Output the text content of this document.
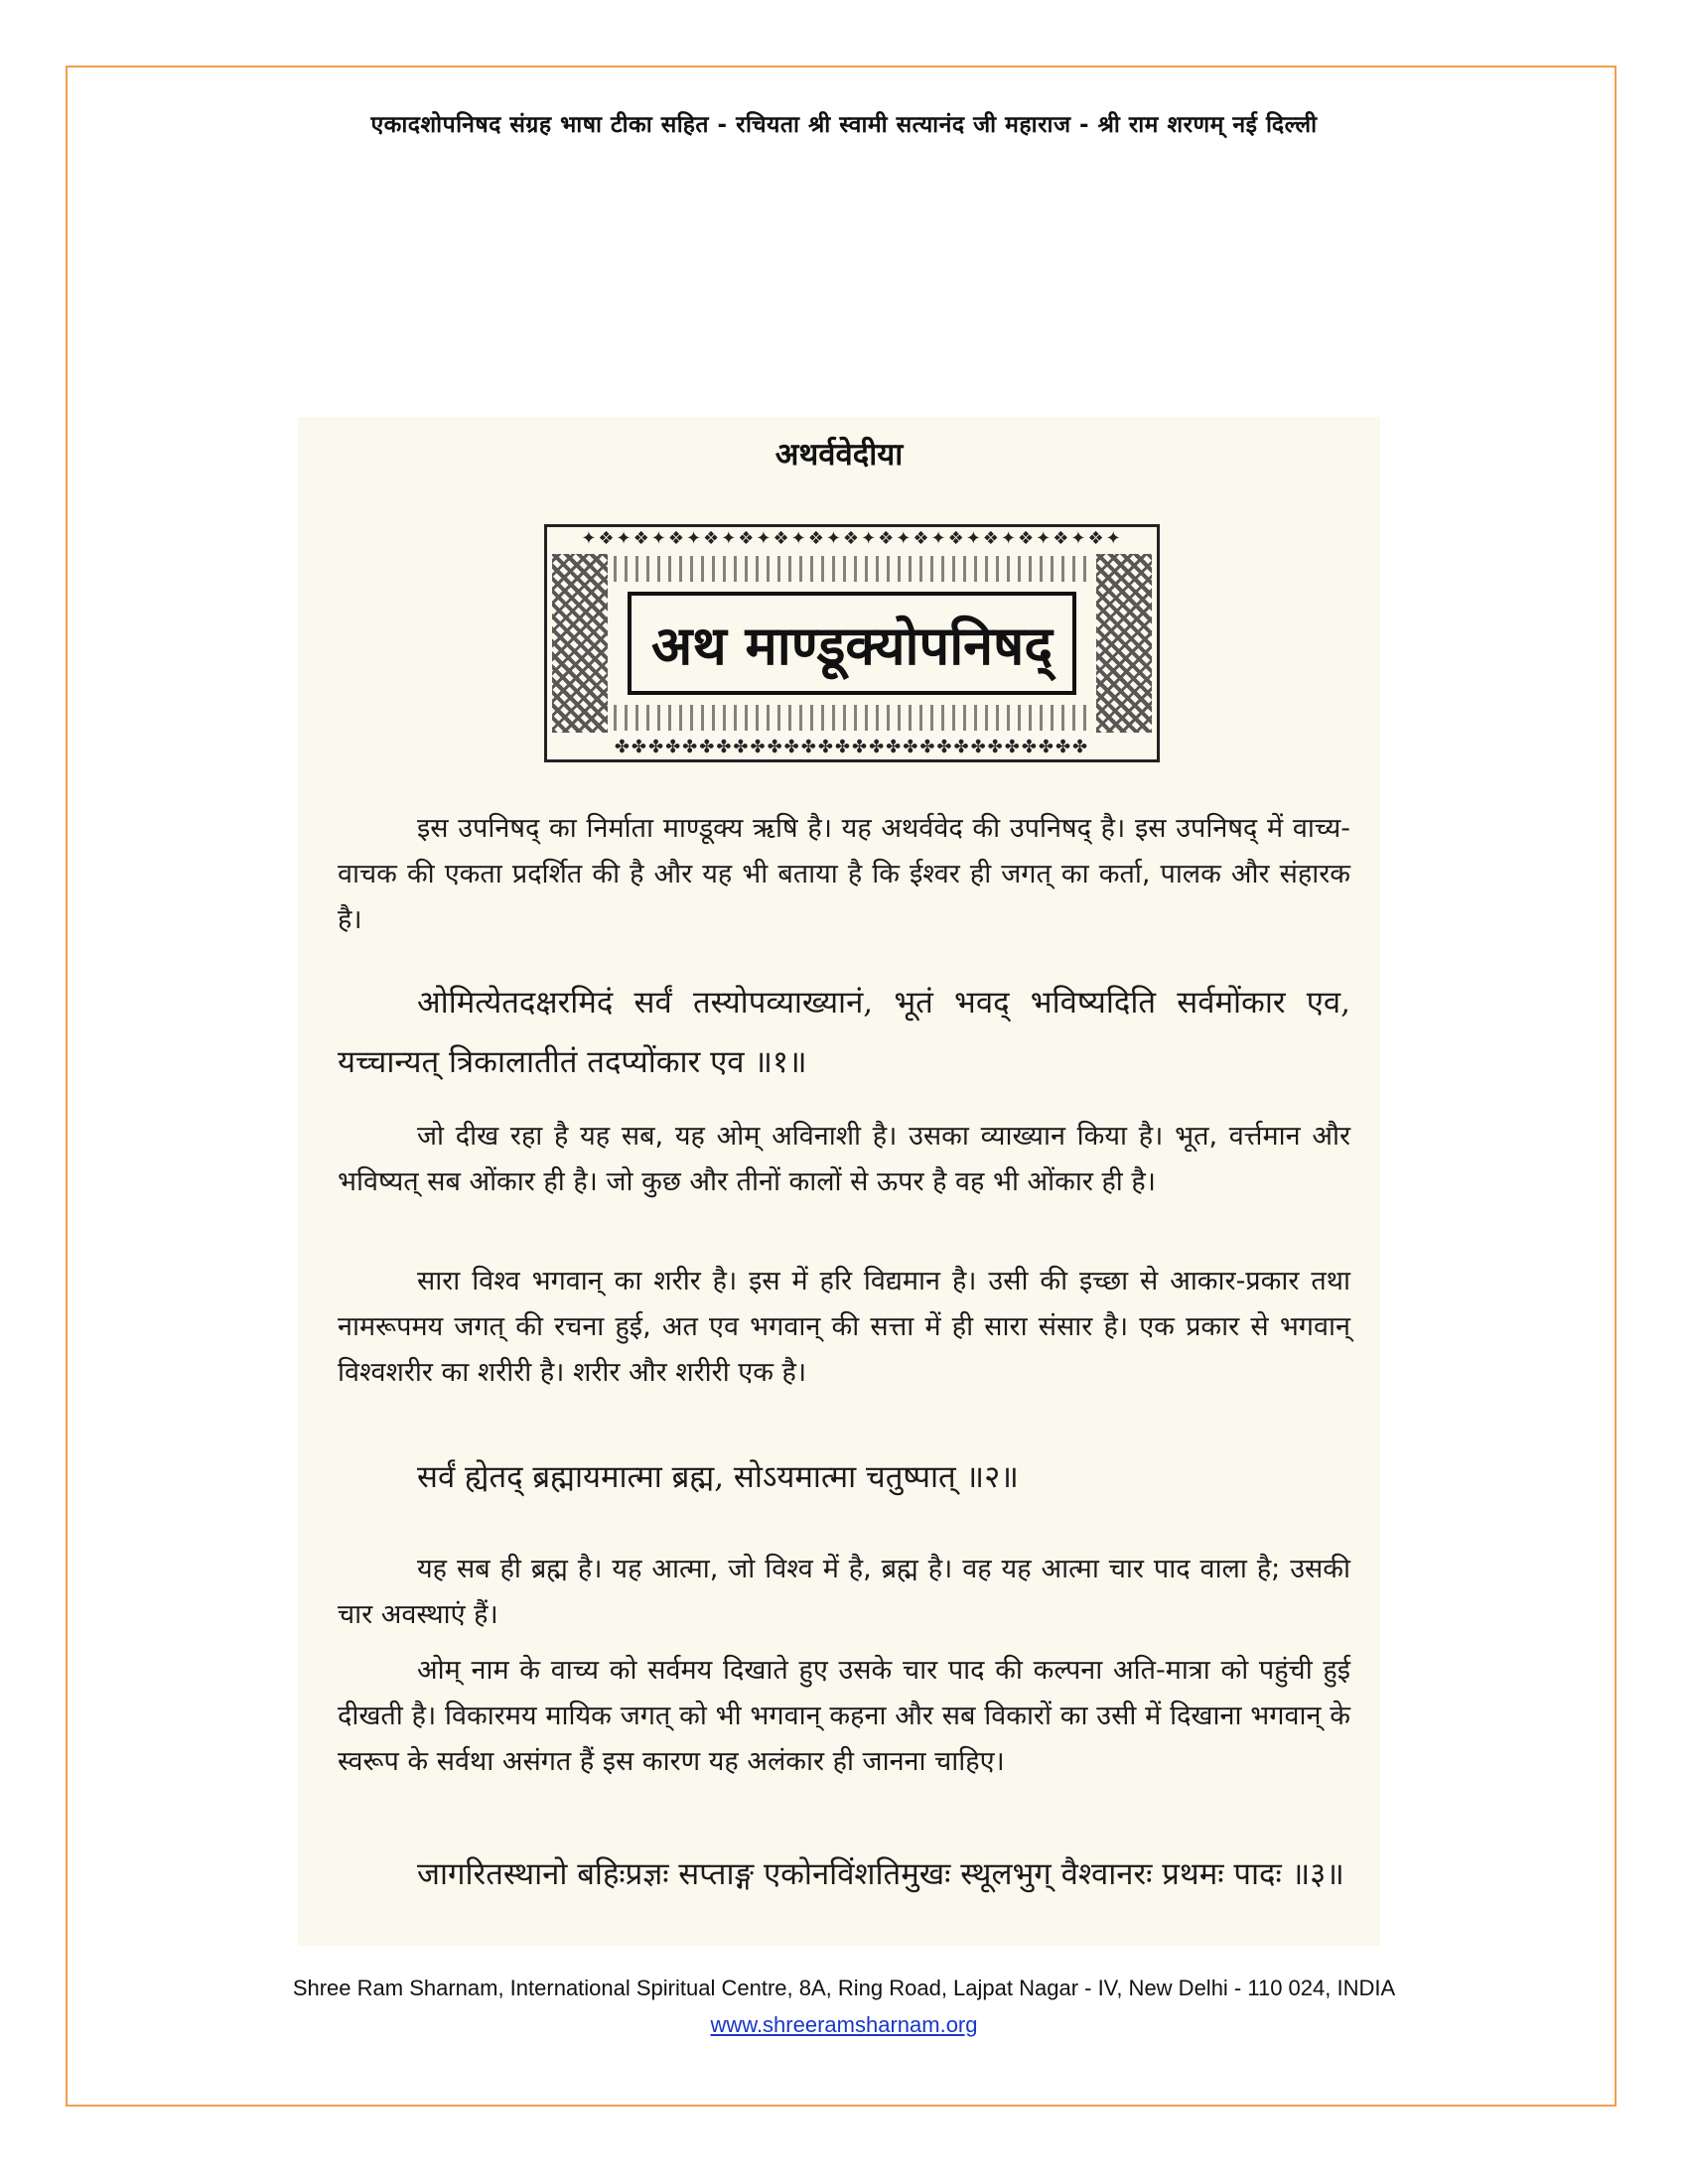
एकादशोपनिषद संग्रह भाषा टीका सहित - रचियता श्री स्वामी सत्यानंद जी महाराज - श्री राम शरणम् नई दिल्ली
अथर्ववेदीया
✦❖✦❖✦❖✦❖✦❖✦❖✦❖✦❖✦❖✦❖✦❖✦❖✦❖✦❖✦❖✦
✤✤✤✤✤✤✤✤✤✤✤✤✤✤✤✤✤✤✤✤✤✤✤✤✤✤✤✤
अथ माण्डूक्योपनिषद्
इस उपनिषद् का निर्माता माण्डूक्य ऋषि है। यह अथर्ववेद की उपनिषद् है। इस उपनिषद् में वाच्य-वाचक की एकता प्रदर्शित की है और यह भी बताया है कि ईश्वर ही जगत् का कर्ता, पालक और संहारक है।
ओमित्येतदक्षरमिदं सर्वं तस्योपव्याख्यानं, भूतं भवद् भविष्यदिति सर्वमोंकार एव, यच्चान्यत् त्रिकालातीतं तदप्योंकार एव ॥१॥
जो दीख रहा है यह सब, यह ओम् अविनाशी है। उसका व्याख्यान किया है। भूत, वर्त्तमान और भविष्यत् सब ओंकार ही है। जो कुछ और तीनों कालों से ऊपर है वह भी ओंकार ही है।
सारा विश्व भगवान् का शरीर है। इस में हरि विद्यमान है। उसी की इच्छा से आकार-प्रकार तथा नामरूपमय जगत् की रचना हुई, अत एव भगवान् की सत्ता में ही सारा संसार है। एक प्रकार से भगवान् विश्वशरीर का शरीरी है। शरीर और शरीरी एक है।
सर्वं ह्येतद् ब्रह्मायमात्मा ब्रह्म, सोऽयमात्मा चतुष्पात् ॥२॥
यह सब ही ब्रह्म है। यह आत्मा, जो विश्व में है, ब्रह्म है। वह यह आत्मा चार पाद वाला है; उसकी चार अवस्थाएं हैं।
ओम् नाम के वाच्य को सर्वमय दिखाते हुए उसके चार पाद की कल्पना अति-मात्रा को पहुंची हुई दीखती है। विकारमय मायिक जगत् को भी भगवान् कहना और सब विकारों का उसी में दिखाना भगवान् के स्वरूप के सर्वथा असंगत हैं इस कारण यह अलंकार ही जानना चाहिए।
जागरितस्थानो बहिःप्रज्ञः सप्ताङ्ग एकोनविंशतिमुखः स्थूलभुग् वैश्वानरः प्रथमः पादः ॥३॥
Shree Ram Sharnam, International Spiritual Centre, 8A, Ring Road, Lajpat Nagar - IV, New Delhi - 110 024, INDIA
www.shreeramsharnam.org
